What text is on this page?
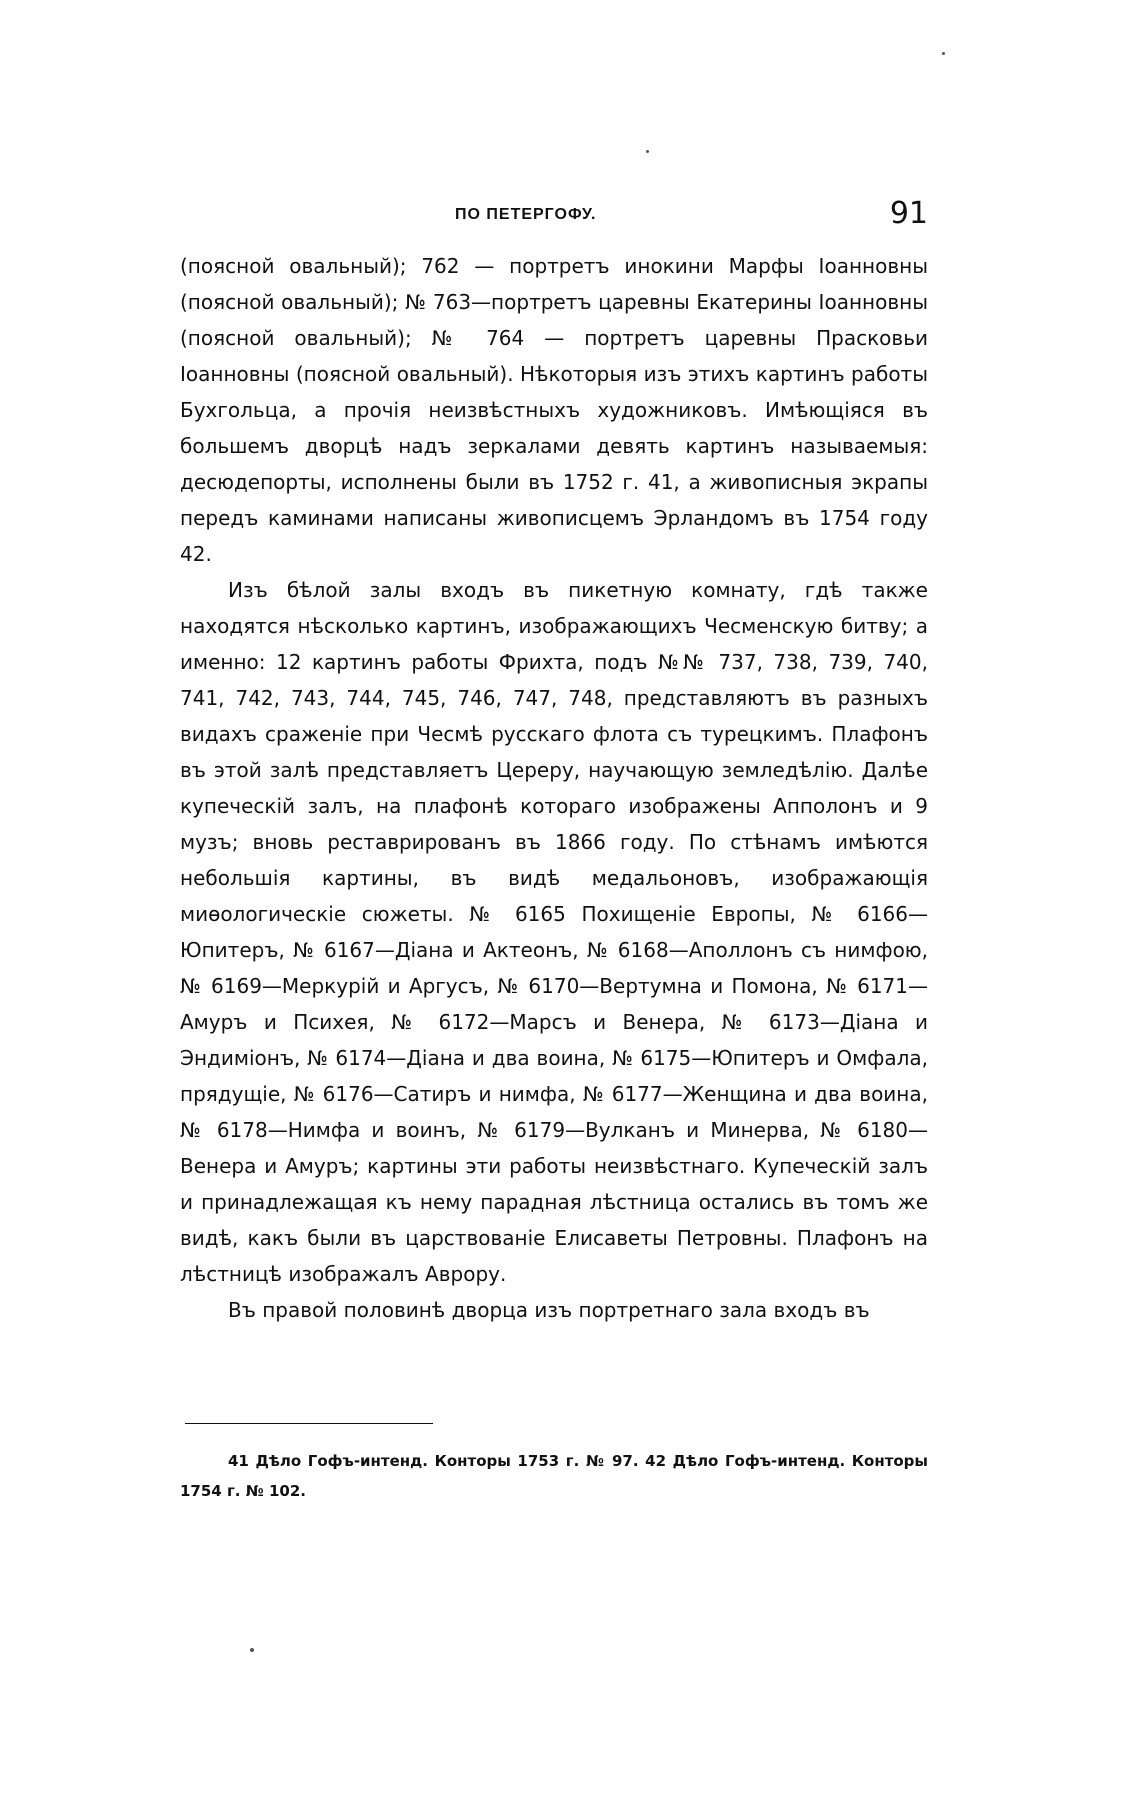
ПО ПЕТЕРГОФУ.	91

(поясной овальный); 762 — портретъ инокини Марфы Іоанновны (поясной овальный); № 763—портретъ царевны Екатерины Іоанновны (поясной овальный); № 764 — портретъ царевны Прасковьи Іоанновны (поясной овальный). Нѣкоторыя изъ этихъ картинъ работы Бухгольца, а прочія неизвѣстныхъ художниковъ. Имѣющіяся въ большемъ дворцѣ надъ зеркалами девять картинъ называемыя: десюдепорты, исполнены были въ 1752 г. 41, а живописныя экрапы передъ каминами написаны живописцемъ Эрландомъ въ 1754 году 42.

Изъ бѣлой залы входъ въ пикетную комнату, гдѣ также находятся нѣсколько картинъ, изображающихъ Чесменскую битву; а именно: 12 картинъ работы Фрихта, подъ №№ 737, 738, 739, 740, 741, 742, 743, 744, 745, 746, 747, 748, представляютъ въ разныхъ видахъ сраженіе при Чесмѣ русскаго флота съ турецкимъ. Плафонъ въ этой залѣ представляетъ Цереру, научающую земледѣлію. Далѣе купеческій залъ, на плафонѣ котораго изображены Апполонъ и 9 музъ; вновь реставрированъ въ 1866 году. По стѣнамъ имѣются небольшія картины, въ видѣ медальоновъ, изображающія миѳологическіе сюжеты. № 6165 Похищеніе Европы, № 6166—Юпитеръ, № 6167—Діана и Актеонъ, № 6168—Аполлонъ съ нимфою, № 6169—Меркурій и Аргусъ, № 6170—Вертумна и Помона, № 6171—Амуръ и Психея, № 6172—Марсъ и Венера, № 6173—Діана и Эндиміонъ, № 6174—Діана и два воина, № 6175—Юпитеръ и Омфала, прядущіе, № 6176—Сатиръ и нимфа, № 6177—Женщина и два воина, № 6178—Нимфа и воинъ, № 6179—Вулканъ и Минерва, № 6180—Венера и Амуръ; картины эти работы неизвѣстнаго. Купеческій залъ и принадлежащая къ нему парадная лѣстница остались въ томъ же видѣ, какъ были въ царствованіе Елисаветы Петровны. Плафонъ на лѣстницѣ изображалъ Аврору.

Въ правой половинѣ дворца изъ портретнаго зала входъ въ

41 Дѣло Гофъ-интенд. Конторы 1753 г. № 97. 42 Дѣло Гофъ-интенд. Конторы 1754 г. № 102.
